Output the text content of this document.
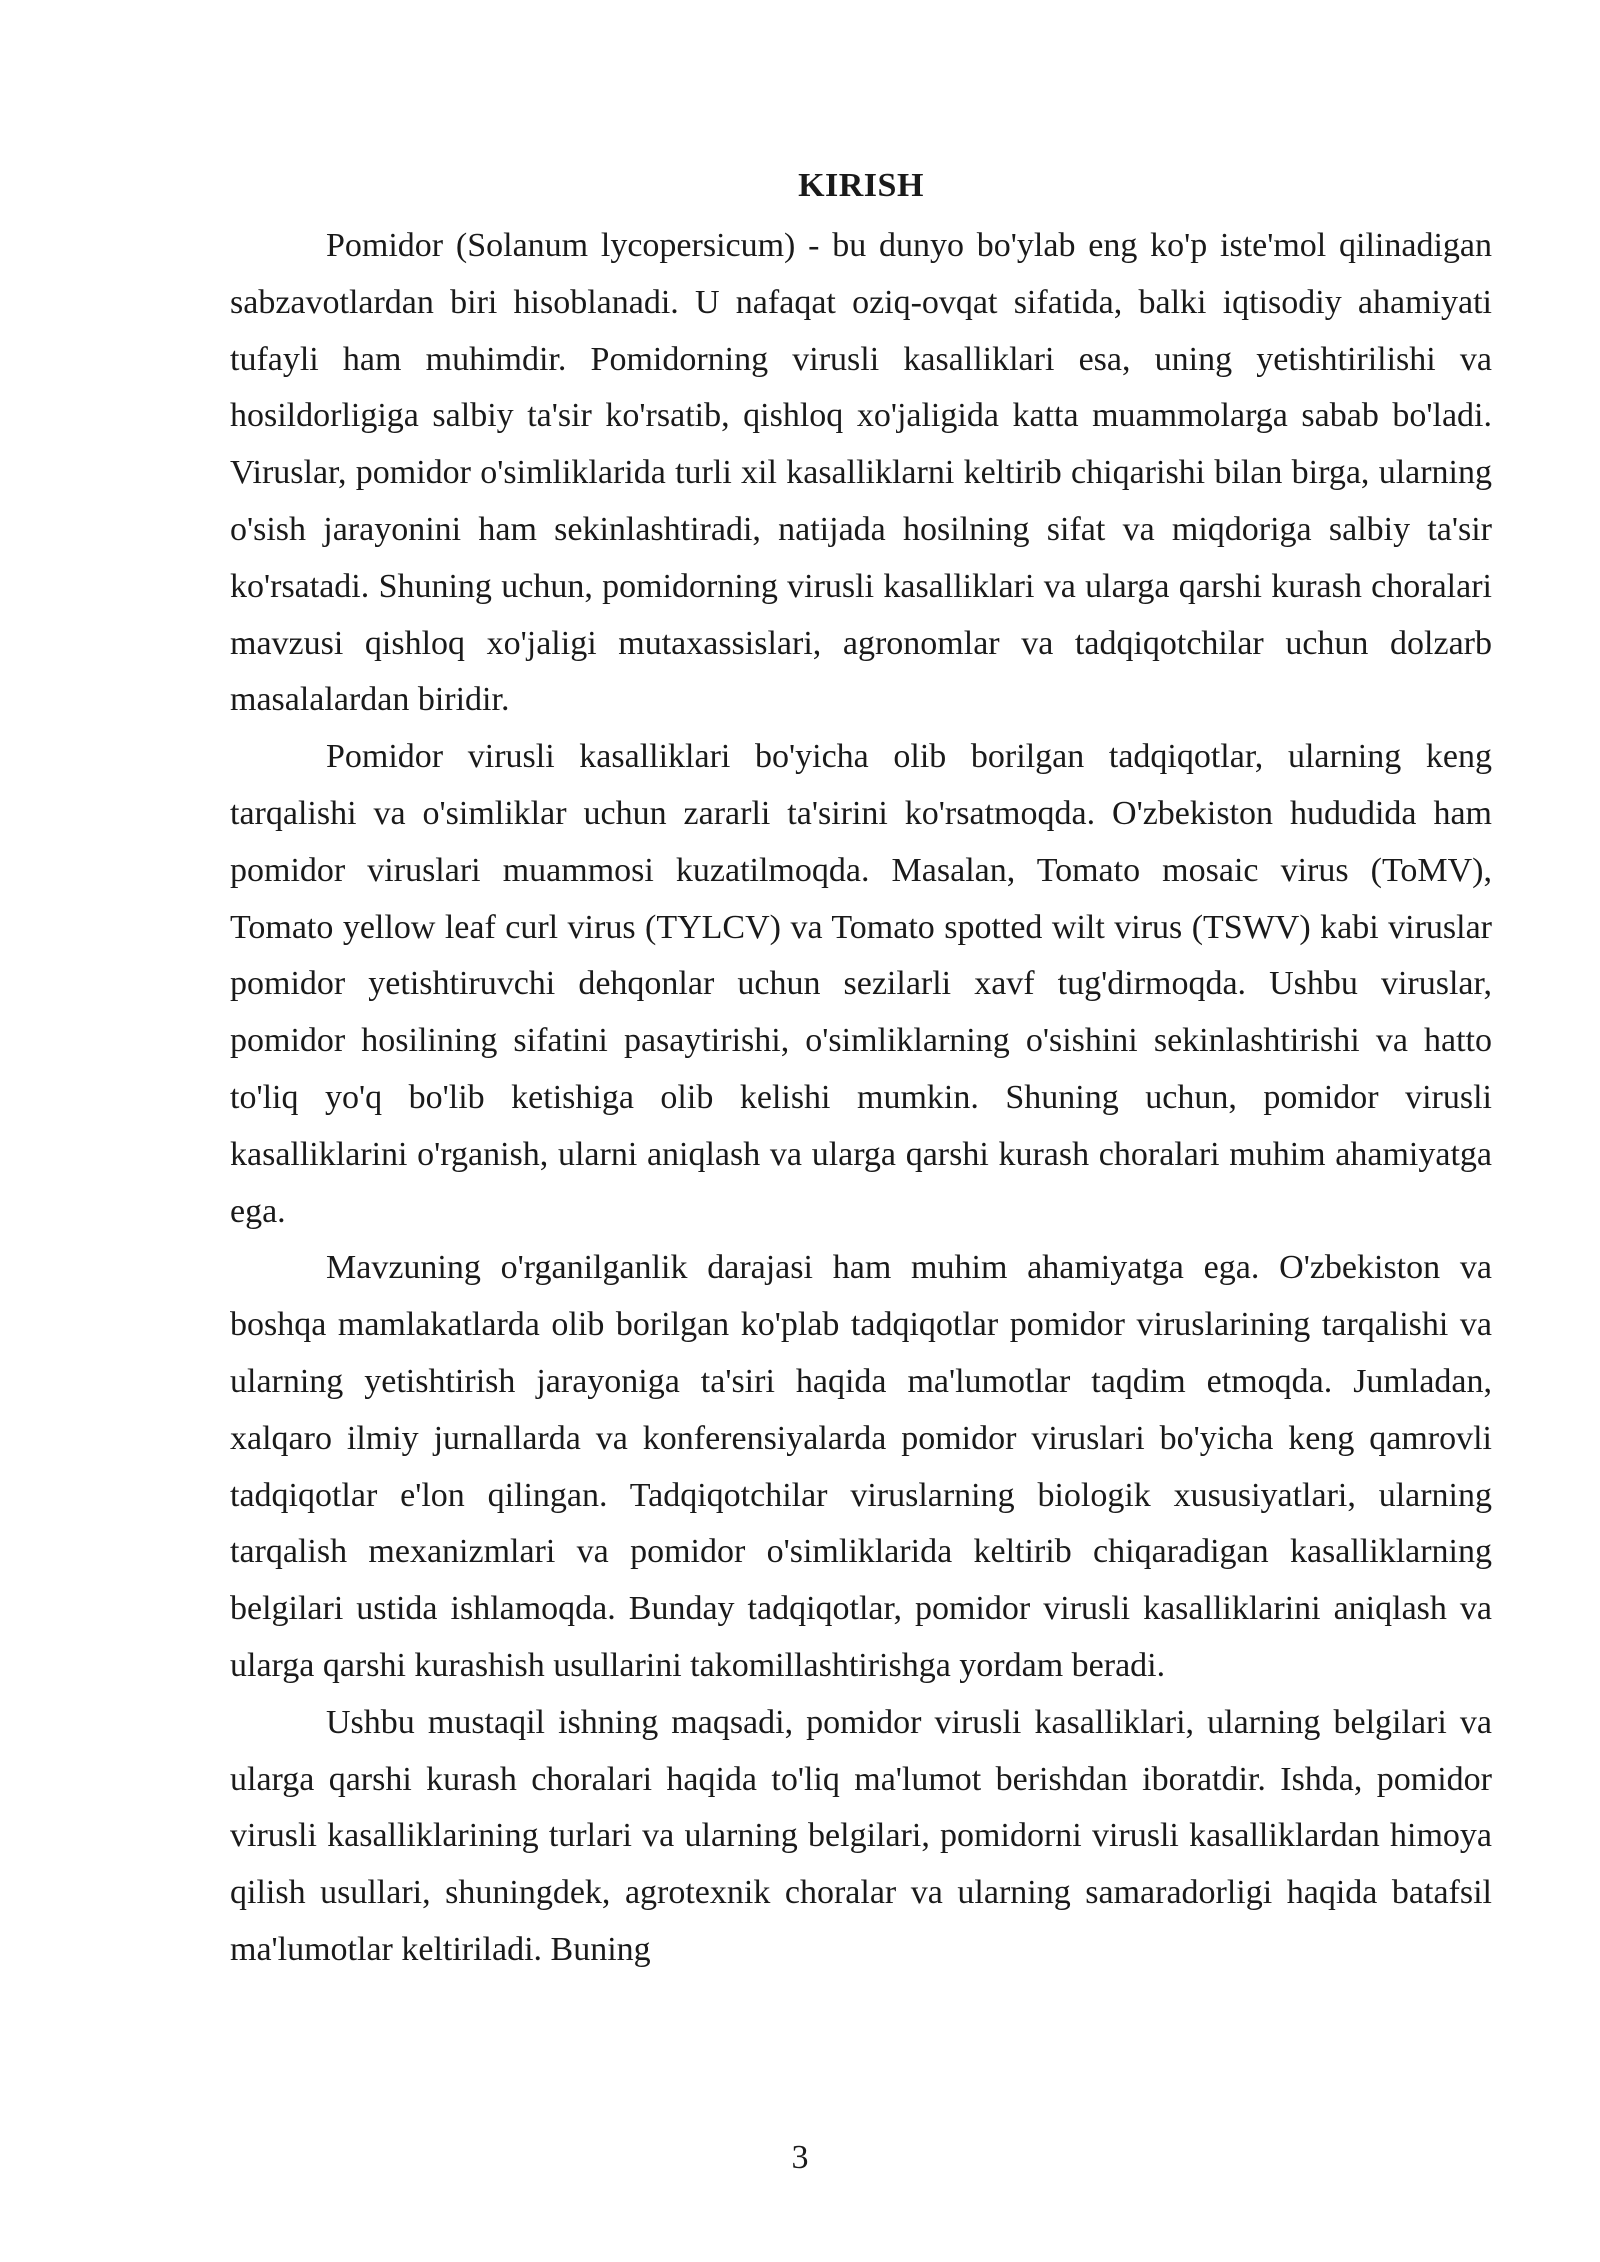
KIRISH

Pomidor (Solanum lycopersicum) - bu dunyo bo'ylab eng ko'p iste'mol qilinadigan sabzavotlardan biri hisoblanadi. U nafaqat oziq-ovqat sifatida, balki iqtisodiy ahamiyati tufayli ham muhimdir. Pomidorning virusli kasalliklari esa, uning yetishtirilishi va hosildorligiga salbiy ta'sir ko'rsatib, qishloq xo'jaligida katta muammolarga sabab bo'ladi. Viruslar, pomidor o'simliklarida turli xil kasalliklarni keltirib chiqarishi bilan birga, ularning o'sish jarayonini ham sekinlashtiradi, natijada hosilning sifat va miqdoriga salbiy ta'sir ko'rsatadi. Shuning uchun, pomidorning virusli kasalliklari va ularga qarshi kurash choralari mavzusi qishloq xo'jaligi mutaxassislari, agronomlar va tadqiqotchilar uchun dolzarb masalalardan biridir.

Pomidor virusli kasalliklari bo'yicha olib borilgan tadqiqotlar, ularning keng tarqalishi va o'simliklar uchun zararli ta'sirini ko'rsatmoqda. O'zbekiston hududida ham pomidor viruslari muammosi kuzatilmoqda. Masalan, Tomato mosaic virus (ToMV), Tomato yellow leaf curl virus (TYLCV) va Tomato spotted wilt virus (TSWV) kabi viruslar pomidor yetishtiruvchi dehqonlar uchun sezilarli xavf tug'dirmoqda. Ushbu viruslar, pomidor hosilining sifatini pasaytirishi, o'simliklarning o'sishini sekinlashtirishi va hatto to'liq yo'q bo'lib ketishiga olib kelishi mumkin. Shuning uchun, pomidor virusli kasalliklarini o'rganish, ularni aniqlash va ularga qarshi kurash choralari muhim ahamiyatga ega.

Mavzuning o'rganilganlik darajasi ham muhim ahamiyatga ega. O'zbekiston va boshqa mamlakatlarda olib borilgan ko'plab tadqiqotlar pomidor viruslarining tarqalishi va ularning yetishtirish jarayoniga ta'siri haqida ma'lumotlar taqdim etmoqda. Jumladan, xalqaro ilmiy jurnallarda va konferensiyalarda pomidor viruslari bo'yicha keng qamrovli tadqiqotlar e'lon qilingan. Tadqiqotchilar viruslarning biologik xususiyatlari, ularning tarqalish mexanizmlari va pomidor o'simliklarida keltirib chiqaradigan kasalliklarning belgilari ustida ishlamoqda. Bunday tadqiqotlar, pomidor virusli kasalliklarini aniqlash va ularga qarshi kurashish usullarini takomillashtirishga yordam beradi.

Ushbu mustaqil ishning maqsadi, pomidor virusli kasalliklari, ularning belgilari va ularga qarshi kurash choralari haqida to'liq ma'lumot berishdan iboratdir. Ishda, pomidor virusli kasalliklarining turlari va ularning belgilari, pomidorni virusli kasalliklardan himoya qilish usullari, shuningdek, agrotexnik choralar va ularning samaradorligi haqida batafsil ma'lumotlar keltiriladi. Buning

3
